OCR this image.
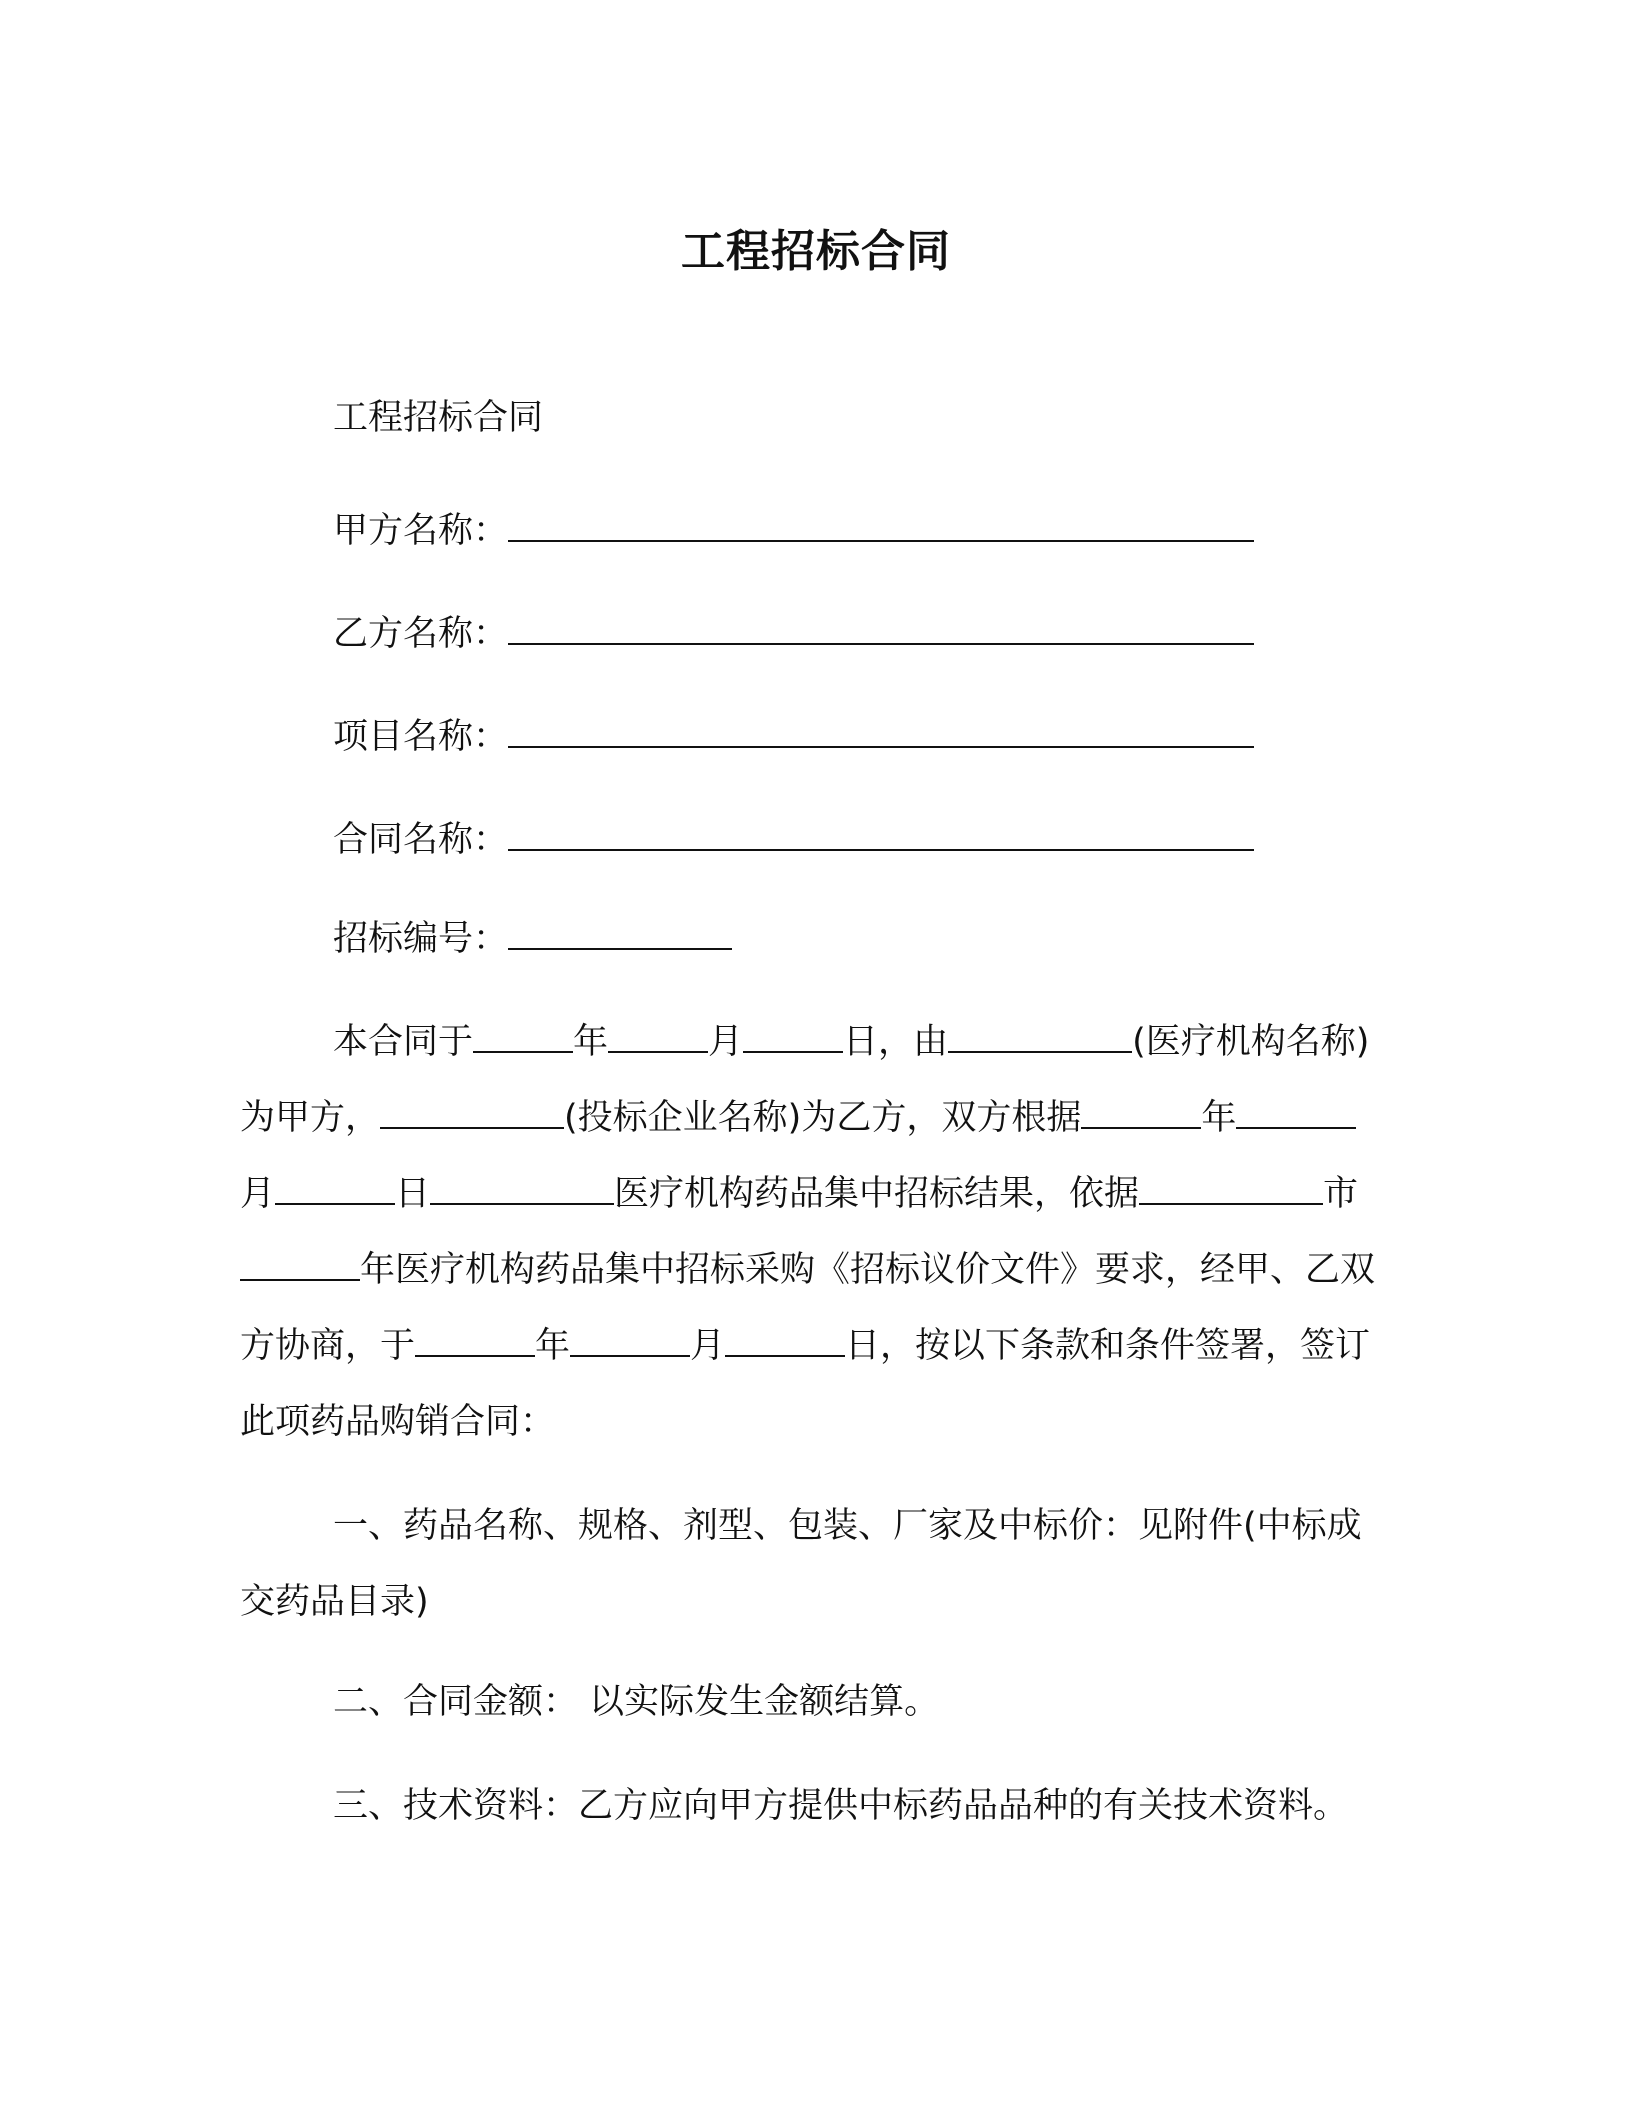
工程招标合同
工程招标合同
甲方名称：
乙方名称：
项目名称：
合同名称：
招标编号：
本合同于	年	月	日，由	(医疗机构名称)为甲方，	(投标企业名称)为乙方，双方根据	年月	日	医疗机构药品集中招标结果，依据	市年医疗机构药品集中招标采购《招标议价文件》要求，经甲、乙双方协商，于	年	月	日，按以下条款和条件签署，签订此项药品购销合同：
一、药品名称、规格、剂型、包装、厂家及中标价：见附件(中标成交药品目录)
二、合同金额： 以实际发生金额结算。
三、技术资料：乙方应向甲方提供中标药品品种的有关技术资料。
